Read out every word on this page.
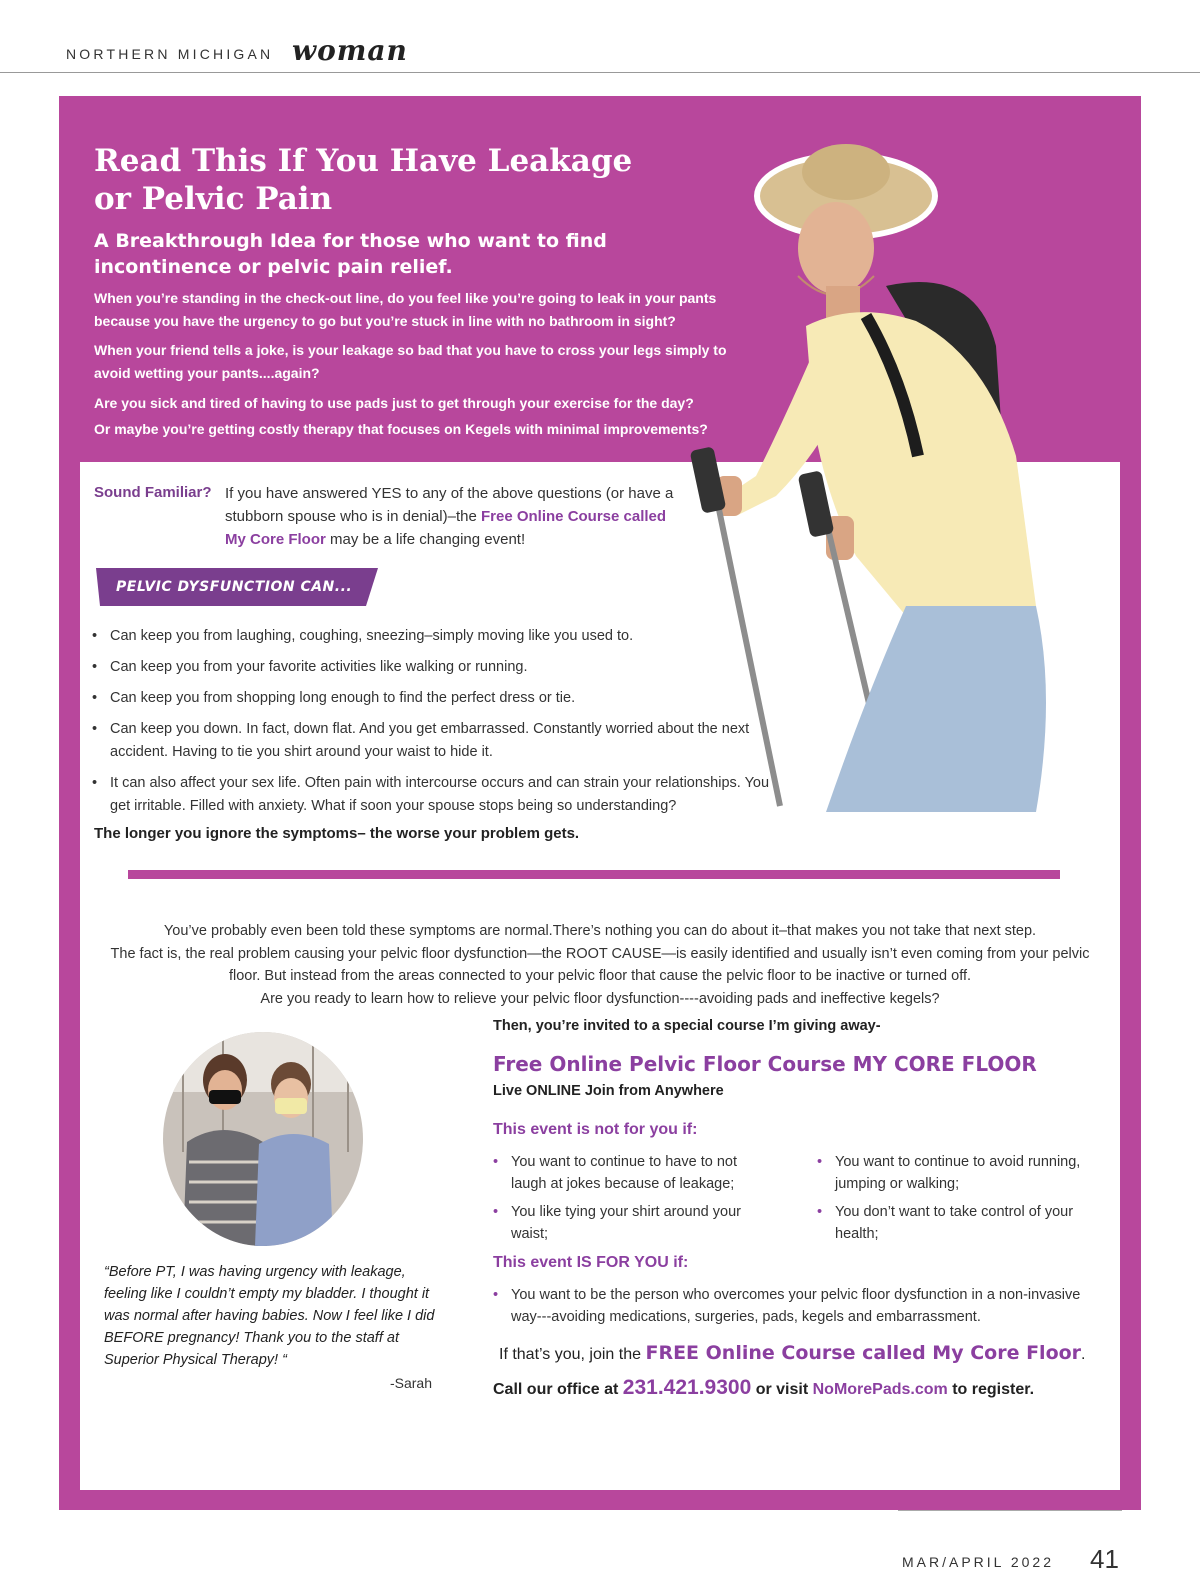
NORTHERN MICHIGAN woman
Read This If You Have Leakage or Pelvic Pain
A Breakthrough Idea for those who want to find incontinence or pelvic pain relief.
When you’re standing in the check-out line, do you feel like you’re going to leak in your pants because you have the urgency to go but you’re stuck in line with no bathroom in sight?
When your friend tells a joke, is your leakage so bad that you have to cross your legs simply to avoid wetting your pants....again?
Are you sick and tired of having to use pads just to get through your exercise for the day?
Or maybe you’re getting costly therapy that focuses on Kegels with minimal improvements?
Sound Familiar? If you have answered YES to any of the above questions (or have a stubborn spouse who is in denial)–the Free Online Course called My Core Floor may be a life changing event!
PELVIC DYSFUNCTION CAN...
• Can keep you from laughing, coughing, sneezing–simply moving like you used to.
• Can keep you from your favorite activities like walking or running.
• Can keep you from shopping long enough to find the perfect dress or tie.
• Can keep you down. In fact, down flat. And you get embarrassed. Constantly worried about the next accident. Having to tie you shirt around your waist to hide it.
• It can also affect your sex life. Often pain with intercourse occurs and can strain your relationships. You get irritable. Filled with anxiety. What if soon your spouse stops being so understanding?
The longer you ignore the symptoms– the worse your problem gets.
You’ve probably even been told these symptoms are normal.There’s nothing you can do about it–that makes you not take that next step.
The fact is, the real problem causing your pelvic floor dysfunction—the ROOT CAUSE—is easily identified and usually isn’t even coming from your pelvic floor. But instead from the areas connected to your pelvic floor that cause the pelvic floor to be inactive or turned off.
Are you ready to learn how to relieve your pelvic floor dysfunction----avoiding pads and ineffective kegels?
“Before PT, I was having urgency with leakage, feeling like I couldn’t empty my bladder. I thought it was normal after having babies. Now I feel like I did BEFORE pregnancy! Thank you to the staff at Superior Physical Therapy! “
-Sarah
Then, you’re invited to a special course I’m giving away-
Free Online Pelvic Floor Course MY CORE FLOOR
Live ONLINE Join from Anywhere
This event is not for you if:
• You want to continue to have to not laugh at jokes because of leakage;
• You like tying your shirt around your waist;
• You want to continue to avoid running, jumping or walking;
• You don’t want to take control of your health;
This event IS FOR YOU if:
• You want to be the person who overcomes your pelvic floor dysfunction in a non-invasive way---avoiding medications, surgeries, pads, kegels and embarrassment.
If that’s you, join the FREE Online Course called My Core Floor.
Call our office at 231.421.9300 or visit NoMorePads.com to register.
MAR/APRIL 2022 41
